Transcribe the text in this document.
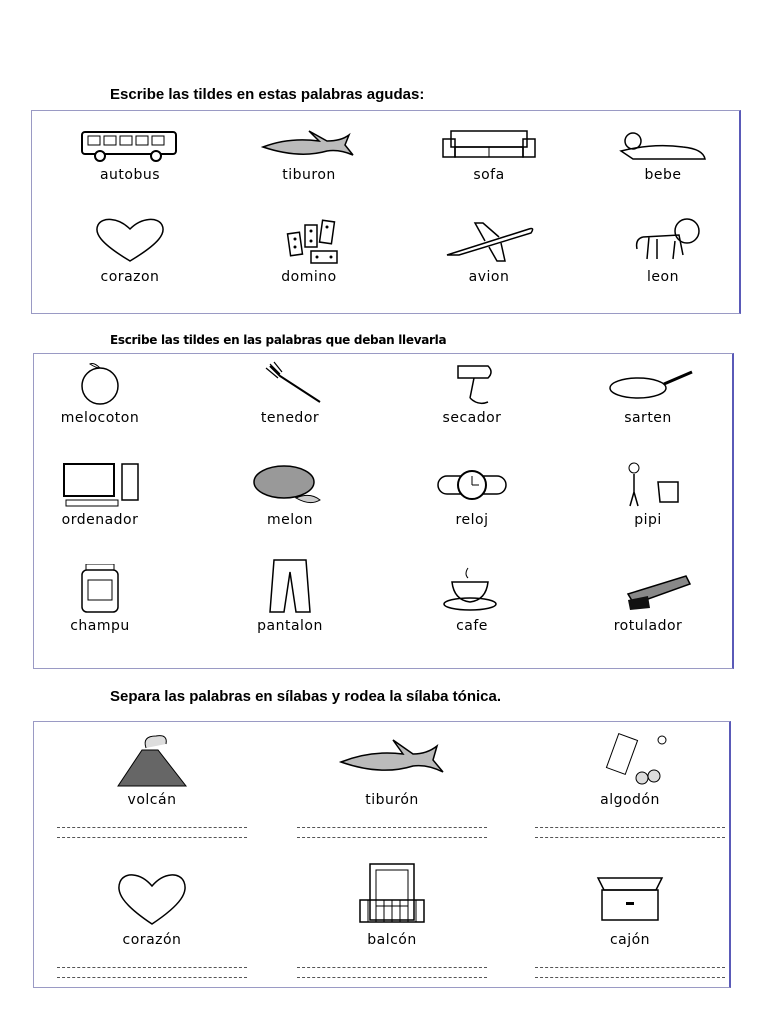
Escribe las tildes en estas palabras agudas:
autobus	tiburon	sofa	bebe
corazon	domino	avion	leon
Escribe las tildes en las palabras que deban llevarla
melocoton	tenedor	secador	sarten
ordenador	melon	reloj	pipi
champu	pantalon	cafe	rotulador
Separa las palabras en sílabas y rodea la sílaba tónica.
volcán	tiburón	algodón
corazón	balcón	cajón
